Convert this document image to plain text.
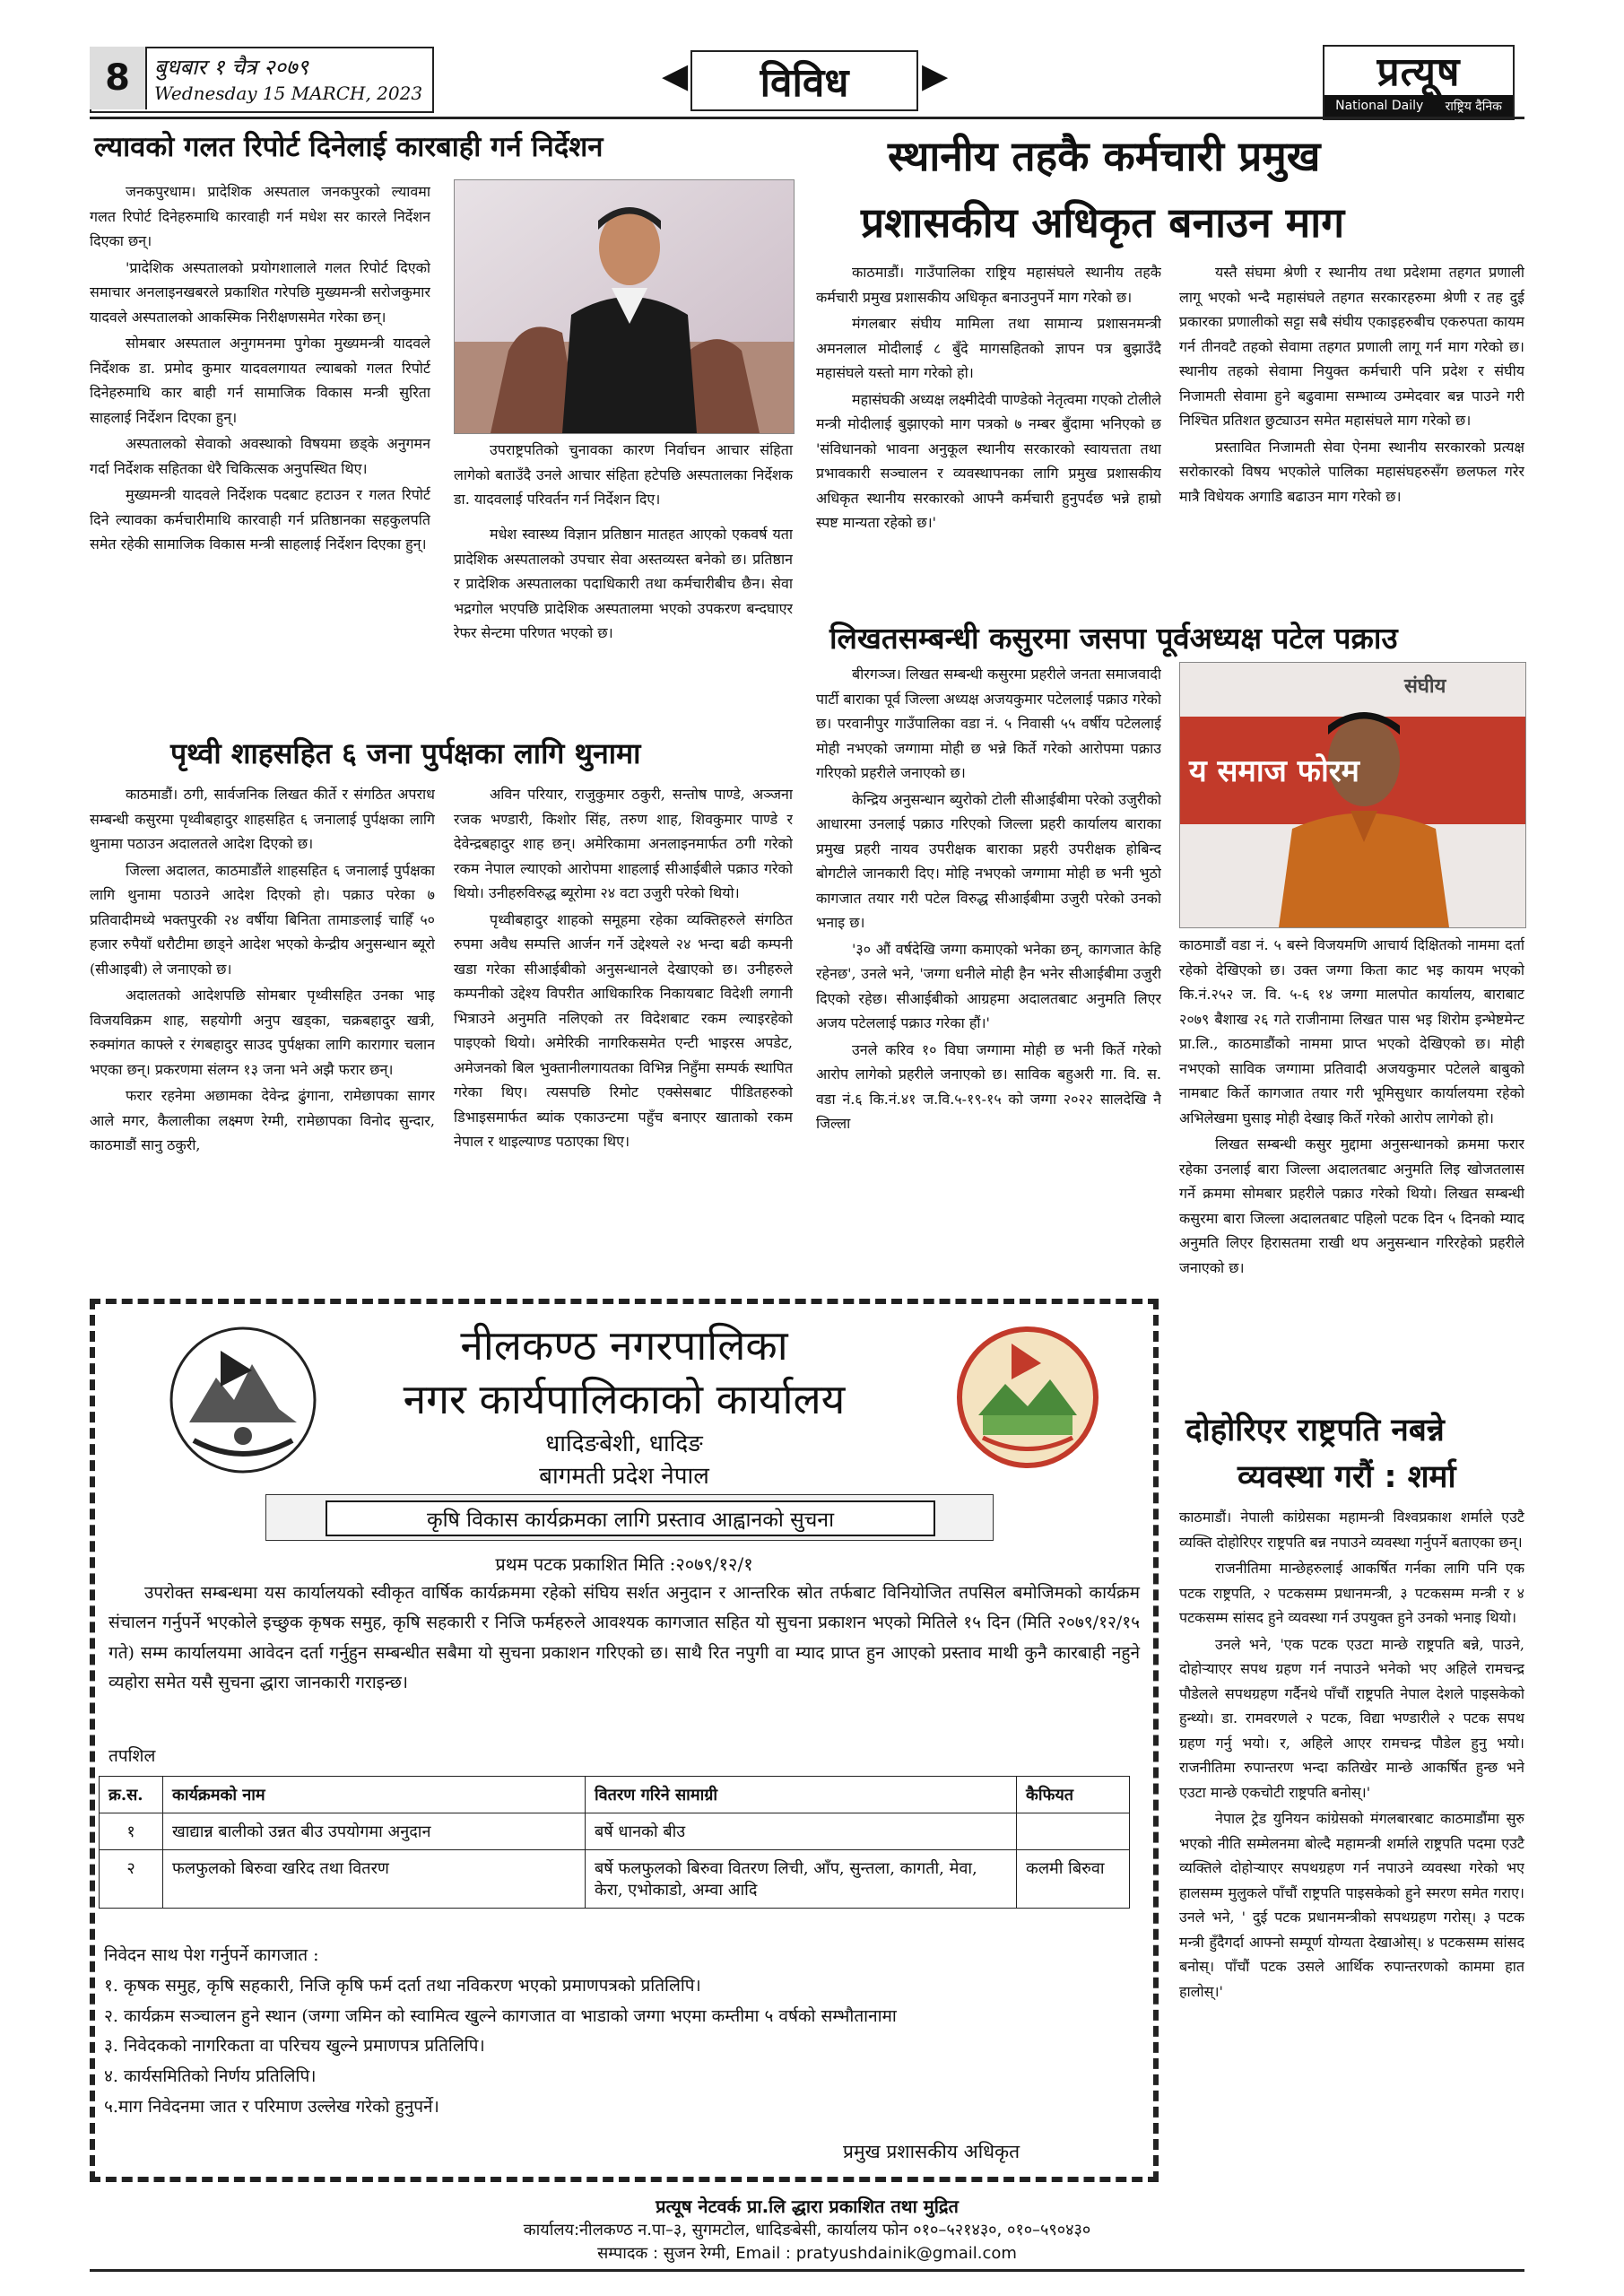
8	बुधबार १ चैत्र २०७९
Wednesday 15 MARCH, 2023	◀	विविध	▶	प्रत्यूष
National Daily राष्ट्रिय दैनिक
ल्यावको गलत रिपोर्ट दिनेलाई कारबाही गर्न निर्देशन

जनकपुरधाम। प्रादेशिक अस्पताल जनकपुरको ल्यावमा गलत रिपोर्ट दिनेहरुमाथि कारवाही गर्न मधेश सर कारले निर्देशन दिएका छन्।

'प्रादेशिक अस्पतालको प्रयोगशालाले गलत रिपोर्ट दिएको समाचार अनलाइनखबरले प्रकाशित गरेपछि मुख्यमन्त्री सरोजकुमार यादवले अस्पतालको आकस्मिक निरीक्षणसमेत गरेका छन्।

सोमबार अस्पताल अनुगमनमा पुगेका मुख्यमन्त्री यादवले निर्देशक डा. प्रमोद कुमार यादवलगायत ल्याबको गलत रिपोर्ट दिनेहरुमाथि कार बाही गर्न सामाजिक विकास मन्त्री सुरिता साहलाई निर्देशन दिएका हुन्।

अस्पतालको सेवाको अवस्थाको विषयमा छड्के अनुगमन गर्दा निर्देशक सहितका धेरै चिकित्सक अनुपस्थित थिए।

मुख्यमन्त्री यादवले निर्देशक पदबाट हटाउन र गलत रिपोर्ट दिने ल्यावका कर्मचारीमाथि कारवाही गर्न प्रतिष्ठानका सहकुलपति समेत रहेकी सामाजिक विकास मन्त्री साहलाई निर्देशन दिएका हुन्।

उपराष्ट्रपतिको चुनावका कारण निर्वाचन आचार संहिता लागेको बताउँदै उनले आचार संहिता हटेपछि अस्पतालका निर्देशक डा. यादवलाई परिवर्तन गर्न निर्देशन दिए।

मधेश स्वास्थ्य विज्ञान प्रतिष्ठान मातहत आएको एकवर्ष यता प्रादेशिक अस्पतालको उपचार सेवा अस्तव्यस्त बनेको छ। प्रतिष्ठान र प्रादेशिक अस्पतालका पदाधिकारी तथा कर्मचारीबीच छैन। सेवा भद्रगोल भएपछि प्रादेशिक अस्पतालमा भएको उपकरण बन्दघाएर रेफर सेन्टमा परिणत भएको छ।

पृथ्वी शाहसहित ६ जना पुर्पक्षका लागि थुनामा

काठमाडौं। ठगी, सार्वजनिक लिखत कीर्ते र संगठित अपराध सम्बन्धी कसुरमा पृथ्वीबहादुर शाहसहित ६ जनालाई पुर्पक्षका लागि थुनामा पठाउन अदालतले आदेश दिएको छ।

जिल्ला अदालत, काठमाडौंले शाहसहित ६ जनालाई पुर्पक्षका लागि थुनामा पठाउने आदेश दिएको हो। पक्राउ परेका ७ प्रतिवादीमध्ये भक्तपुरकी २४ वर्षीया बिनिता तामाङलाई चाहिँ ५० हजार रुपैयाँ धरौटीमा छाड्ने आदेश भएको केन्द्रीय अनुसन्धान ब्यूरो (सीआइबी) ले जनाएको छ।

अदालतको आदेशपछि सोमबार पृथ्वीसहित उनका भाइ विजयविक्रम शाह, सहयोगी अनुप खड्का, चक्रबहादुर खत्री, रुक्मांगत काफ्ले र रंगबहादुर साउद पुर्पक्षका लागि कारागार चलान भएका छन्। प्रकरणमा संलग्न १३ जना भने अझै फरार छन्।

फरार रहनेमा अछामका देवेन्द्र ढुंगाना, रामेछापका सागर आले मगर, कैलालीका लक्ष्मण रेग्मी, रामेछापका विनोद सुन्दार, काठमाडौं सानु ठकुरी,

अविन परियार, राजुकुमार ठकुरी, सन्तोष पाण्डे, अञ्जना रजक भण्डारी, किशोर सिंह, तरुण शाह, शिवकुमार पाण्डे र देवेन्द्रबहादुर शाह छन्। अमेरिकामा अनलाइनमार्फत ठगी गरेको रकम नेपाल ल्याएको आरोपमा शाहलाई सीआईबीले पक्राउ गरेको थियो। उनीहरुविरुद्ध ब्यूरोमा २४ वटा उजुरी परेको थियो।

पृथ्वीबहादुर शाहको समूहमा रहेका व्यक्तिहरुले संगठित रुपमा अवैध सम्पत्ति आर्जन गर्ने उद्देश्यले २४ भन्दा बढी कम्पनी खडा गरेका सीआईबीको अनुसन्धानले देखाएको छ। उनीहरुले कम्पनीको उद्देश्य विपरीत आधिकारिक निकायबाट विदेशी लगानी भित्राउने अनुमति नलिएको तर विदेशबाट रकम ल्याइरहेको पाइएको थियो। अमेरिकी नागरिकसमेत एन्टी भाइरस अपडेट, अमेजनको बिल भुक्तानीलगायतका विभिन्न निहुँमा सम्पर्क स्थापित गरेका थिए। त्यसपछि रिमोट एक्सेसबाट पीडितहरुको डिभाइसमार्फत ब्यांक एकाउन्टमा पहुँच बनाएर खाताको रकम नेपाल र थाइल्याण्ड पठाएका थिए।

स्थानीय तहकै कर्मचारी प्रमुख
प्रशासकीय अधिकृत बनाउन माग

काठमाडौं। गाउँपालिका राष्ट्रिय महासंघले स्थानीय तहकै कर्मचारी प्रमुख प्रशासकीय अधिकृत बनाउनुपर्ने माग गरेको छ।

मंगलबार संघीय मामिला तथा सामान्य प्रशासनमन्त्री अमनलाल मोदीलाई ८ बुँदे मागसहितको ज्ञापन पत्र बुझाउँदै महासंघले यस्तो माग गरेको हो।

महासंघकी अध्यक्ष लक्ष्मीदेवी पाण्डेको नेतृत्वमा गएको टोलीले मन्त्री मोदीलाई बुझाएको माग पत्रको ७ नम्बर बुँदामा भनिएको छ 'संविधानको भावना अनुकूल स्थानीय सरकारको स्वायत्तता तथा प्रभावकारी सञ्चालन र व्यवस्थापनका लागि प्रमुख प्रशासकीय अधिकृत स्थानीय सरकारको आफ्नै कर्मचारी हुनुपर्दछ भन्ने हाम्रो स्पष्ट मान्यता रहेको छ।'

यस्तै संघमा श्रेणी र स्थानीय तथा प्रदेशमा तहगत प्रणाली लागू भएको भन्दै महासंघले तहगत सरकारहरुमा श्रेणी र तह दुई प्रकारका प्रणालीको सट्टा सबै संघीय एकाइहरुबीच एकरुपता कायम गर्न तीनवटै तहको सेवामा तहगत प्रणाली लागू गर्न माग गरेको छ। स्थानीय तहको सेवामा नियुक्त कर्मचारी पनि प्रदेश र संघीय निजामती सेवामा हुने बढुवामा सम्भाव्य उम्मेदवार बन्न पाउने गरी निश्चित प्रतिशत छुट्याउन समेत महासंघले माग गरेको छ।

प्रस्तावित निजामती सेवा ऐनमा स्थानीय सरकारको प्रत्यक्ष सरोकारको विषय भएकोले पालिका महासंघहरुसँग छलफल गरेर मात्रै विधेयक अगाडि बढाउन माग गरेको छ।

लिखतसम्बन्धी कसुरमा जसपा पूर्वअध्यक्ष पटेल पक्राउ

बीरगञ्ज। लिखत सम्बन्धी कसुरमा प्रहरीले जनता समाजवादी पार्टी बाराका पूर्व जिल्ला अध्यक्ष अजयकुमार पटेललाई पक्राउ गरेको छ। परवानीपुर गाउँपालिका वडा नं. ५ निवासी ५५ वर्षीय पटेललाई मोही नभएको जग्गामा मोही छ भन्ने किर्ते गरेको आरोपमा पक्राउ गरिएको प्रहरीले जनाएको छ।

केन्द्रिय अनुसन्धान ब्युरोको टोली सीआईबीमा परेको उजुरीको आधारमा उनलाई पक्राउ गरिएको जिल्ला प्रहरी कार्यालय बाराका प्रमुख प्रहरी नायव उपरीक्षक बाराका प्रहरी उपरीक्षक होबिन्द बोगटीले जानकारी दिए। मोहि नभएको जग्गामा मोही छ भनी भुठो कागजात तयार गरी पटेल विरुद्ध सीआईबीमा उजुरी परेको उनको भनाइ छ।

'३० औं वर्षदेखि जग्गा कमाएको भनेका छन्, कागजात केहि रहेनछ', उनले भने, 'जग्गा धनीले मोही हैन भनेर सीआईबीमा उजुरी दिएको रहेछ। सीआईबीको आग्रहमा अदालतबाट अनुमति लिएर अजय पटेललाई पक्राउ गरेका हौं।'

उनले करिव १० विघा जग्गामा मोही छ भनी किर्ते गरेको आरोप लागेको प्रहरीले जनाएको छ। साविक बहुअरी गा. वि. स. वडा नं.६ कि.नं.४१ ज.वि.५-१९-१५ को जग्गा २०२२ सालदेखि नै जिल्ला

य समाज फोरम
संघीय

काठमाडौं वडा नं. ५ बस्ने विजयमणि आचार्य दिक्षितको नाममा दर्ता रहेको देखिएको छ। उक्त जग्गा किता काट भइ कायम भएको कि.नं.२५२ ज. वि. ५-६ १४ जग्गा मालपोत कार्यालय, बाराबाट २०७९ बैशाख २६ गते राजीनामा लिखत पास भइ शिरोम इन्भेष्टमेन्ट प्रा.लि., काठमाडौंको नाममा प्राप्त भएको देखिएको छ। मोही नभएको साविक जग्गामा प्रतिवादी अजयकुमार पटेलले बाबुको नामबाट किर्ते कागजात तयार गरी भूमिसुधार कार्यालयमा रहेको अभिलेखमा घुसाइ मोही देखाइ किर्ते गरेको आरोप लागेको हो।

लिखत सम्बन्धी कसुर मुद्दामा अनुसन्धानको क्रममा फरार रहेका उनलाई बारा जिल्ला अदालतबाट अनुमति लिइ खोजतलास गर्ने क्रममा सोमबार प्रहरीले पक्राउ गरेको थियो। लिखत सम्बन्धी कसुरमा बारा जिल्ला अदालतबाट पहिलो पटक दिन ५ दिनको म्याद अनुमति लिएर हिरासतमा राखी थप अनुसन्धान गरिरहेको प्रहरीले जनाएको छ।

दोहोरिएर राष्ट्रपति नबन्ने
व्यवस्था गरौं : शर्मा

काठमाडौं। नेपाली कांग्रेसका महामन्त्री विश्वप्रकाश शर्माले एउटै व्यक्ति दोहोरिएर राष्ट्रपति बन्न नपाउने व्यवस्था गर्नुपर्ने बताएका छन्।

राजनीतिमा मान्छेहरुलाई आकर्षित गर्नका लागि पनि एक पटक राष्ट्रपति, २ पटकसम्म प्रधानमन्त्री, ३ पटकसम्म मन्त्री र ४ पटकसम्म सांसद हुने व्यवस्था गर्न उपयुक्त हुने उनको भनाइ थियो।

उनले भने, 'एक पटक एउटा मान्छे राष्ट्रपति बन्ने, पाउने, दोहोऱ्याएर सपथ ग्रहण गर्न नपाउने भनेको भए अहिले रामचन्द्र पौडेलले सपथग्रहण गर्दैनथे पाँचौं राष्ट्रपति नेपाल देशले पाइसकेको हुन्थ्यो। डा. रामवरणले २ पटक, विद्या भण्डारीले २ पटक सपथ ग्रहण गर्नु भयो। र, अहिले आएर रामचन्द्र पौडेल हुनु भयो। राजनीतिमा रुपान्तरण भन्दा कतिखेर मान्छे आकर्षित हुन्छ भने एउटा मान्छे एकचोटी राष्ट्रपति बनोस्।'

नेपाल ट्रेड युनियन कांग्रेसको मंगलबारबाट काठमाडौंमा सुरु भएको नीति सम्मेलनमा बोल्दै महामन्त्री शर्माले राष्ट्रपति पदमा एउटै व्यक्तिले दोहोऱ्याएर सपथग्रहण गर्न नपाउने व्यवस्था गरेको भए हालसम्म मुलुकले पाँचौं राष्ट्रपति पाइसकेको हुने स्मरण समेत गराए। उनले भने, ' दुई पटक प्रधानमन्त्रीको सपथग्रहण गरोस्। ३ पटक मन्त्री हुँदैगर्दा आफ्नो सम्पूर्ण योग्यता देखाओस्। ४ पटकसम्म सांसद बनोस्। पाँचौं पटक उसले आर्थिक रुपान्तरणको काममा हात हालोस्।'

नीलकण्ठ नगरपालिका
नगर कार्यपालिकाको कार्यालय
धादिङबेशी, धादिङ
बागमती प्रदेश नेपाल
कृषि विकास कार्यक्रमका लागि प्रस्ताव आह्वानको सुचना
प्रथम पटक प्रकाशित मिति :२०७९/१२/१
उपरोक्त सम्बन्धमा यस कार्यालयको स्वीकृत वार्षिक कार्यक्रममा रहेको संघिय सर्शत अनुदान र आन्तरिक स्रोत तर्फबाट विनियोजित तपसिल बमोजिमको कार्यक्रम संचालन गर्नुपर्ने भएकोले इच्छुक कृषक समुह, कृषि सहकारी र निजि फर्महरुले आवश्यक कागजात सहित यो सुचना प्रकाशन भएको मितिले १५ दिन (मिति २०७९/१२/१५ गते) सम्म कार्यालयमा आवेदन दर्ता गर्नुहुन सम्बन्धीत सबैमा यो सुचना प्रकाशन गरिएको छ। साथै रित नपुगी वा म्याद प्राप्त हुन आएको प्रस्ताव माथी कुनै कारबाही नहुने व्यहोरा समेत यसै सुचना द्धारा जानकारी गराइन्छ।
तपशिल
क्र.स.	कार्यक्रमको नाम	वितरण गरिने सामाग्री	कैफियत
१	खाद्यान्न बालीको उन्नत बीउ उपयोगमा अनुदान	बर्षे धानको बीउ	
२	फलफुलको बिरुवा खरिद तथा वितरण	बर्षे फलफुलको बिरुवा वितरण लिची, आँप, सुन्तला, कागती, मेवा, केरा, एभोकाडो, अम्वा आदि	कलमी बिरुवा
निवेदन साथ पेश गर्नुपर्ने कागजात :
१. कृषक समुह, कृषि सहकारी, निजि कृषि फर्म दर्ता तथा नविकरण भएको प्रमाणपत्रको प्रतिलिपि।
२. कार्यक्रम सञ्चालन हुने स्थान (जग्गा जमिन को स्वामित्व खुल्ने कागजात वा भाडाको जग्गा भएमा कम्तीमा ५ वर्षको सम्भौतानामा
३. निवेदकको नागरिकता वा परिचय खुल्ने प्रमाणपत्र प्रतिलिपि।
४. कार्यसमितिको निर्णय प्रतिलिपि।
५.माग निवेदनमा जात र परिमाण उल्लेख गरेको हुनुपर्ने।
प्रमुख प्रशासकीय अधिकृत
प्रत्यूष नेटवर्क प्रा.लि द्धारा प्रकाशित तथा मुद्रित
कार्यालय:नीलकण्ठ न.पा–३, सुगमटोल, धादिङबेसी, कार्यालय फोन ०१०–५२१४३०, ०१०–५९०४३०
सम्पादक : सुजन रेग्मी, Email : pratyushdainik@gmail.com
